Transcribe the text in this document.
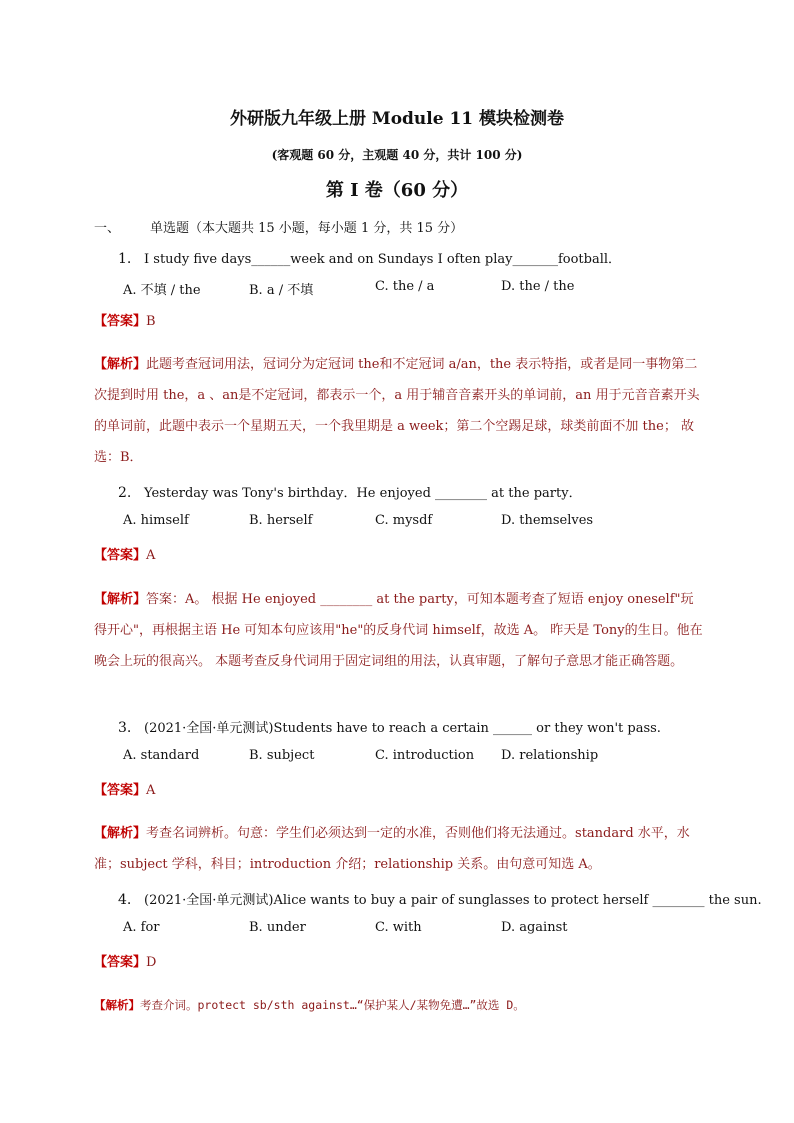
外研版九年级上册 Module 11 模块检测卷
(客观题 60 分，主观题 40 分，共计 100 分)
第 I 卷（60 分）
一、 单选题（本大题共 15 小题，每小题 1 分，共 15 分）
1. I study five days______week and on Sundays I often play_______football．
A. 不填 / the	B. a / 不填	C. the / a	D. the / the
【答案】B
【解析】此题考查冠词用法，冠词分为定冠词 the和不定冠词 a/an，the 表示特指，或者是同一事物第二次提到时用 the，a 、an是不定冠词，都表示一个，a 用于辅音音素开头的单词前，an 用于元音音素开头的单词前，此题中表示一个星期五天，一个我里期是 a week；第二个空踢足球，球类前面不加 the； 故选：B．
2. Yesterday was Tony's birthday．He enjoyed ________ at the party．
A. himself	B. herself	C. mysdf	D. themselves
【答案】A
【解析】答案：A。 根据 He enjoyed ________ at the party，可知本题考查了短语 enjoy oneself"玩得开心"，再根据主语 He 可知本句应该用"he"的反身代词 himself，故选 A。 昨天是 Tony的生日。他在晚会上玩的很高兴。 本题考查反身代词用于固定词组的用法，认真审题，了解句子意思才能正确答题。
3. (2021·全国·单元测试)Students have to reach a certain ______ or they won't pass.
A. standard	B. subject	C. introduction D. relationship
【答案】A
【解析】考查名词辨析。句意：学生们必须达到一定的水准，否则他们将无法通过。standard 水平，水准；subject 学科，科目；introduction 介绍；relationship 关系。由句意可知选 A。
4. (2021·全国·单元测试)Alice wants to buy a pair of sunglasses to protect herself ________ the sun.
A. for	B. under	C. with	D. against
【答案】D
【解析】考查介词。protect sb/sth against…“保护某人/某物免遭…”故选 D。
